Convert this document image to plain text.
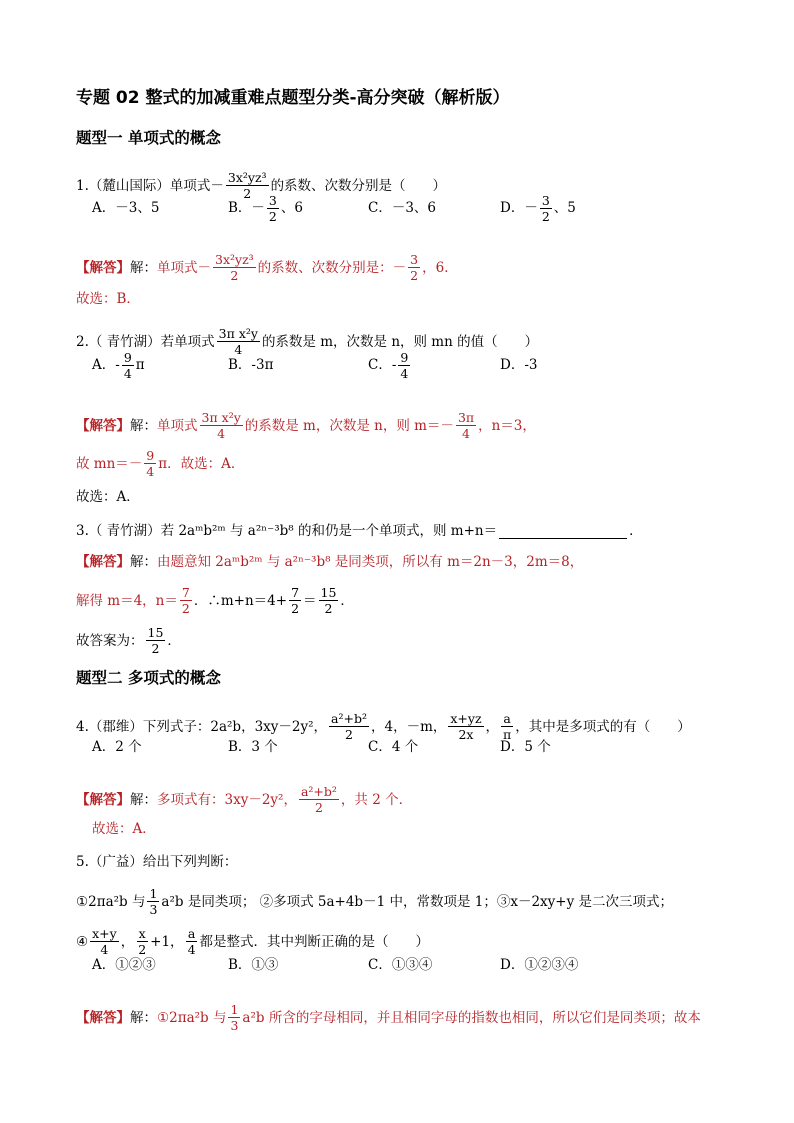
专题 02 整式的加减重难点题型分类-高分突破（解析版）
题型一 单项式的概念
1.（麓山国际）单项式－ $\frac{\text{3x²yz³}}{2}$ 的系数、次数分别是（　　）
A．－3、5	B．－ $\frac{3}{2}$ 、6	C．－3、6	D．－ $\frac{3}{2}$ 、5
【解答】 解： 单项式－ $\frac{\text{3x²yz³}}{2}$ 的系数、次数分别是：－ $\frac{3}{2}$ ，6．
故选：B．
2.（ 青竹湖）若单项式 $\frac{\text{3π x²y}}{4}$ 的系数是 m，次数是 n，则 mn 的值（　　）
A．- $\frac{9}{4}$ π	B．-3π	C．- $\frac{9}{4}$	D．-3
【解答】 解： 单项式 $\frac{\text{3π x²y}}{4}$ 的系数是 m，次数是 n，则 $m=- \frac{3\pi}{4}$ ，n＝3，
故 $mn=- \frac{9}{4}$ π．故选：A．
故选：A．
3.（ 青竹湖）若 2aᵐb²ᵐ 与 a²ⁿ⁻³b⁸ 的和仍是一个单项式，则 m+n＝	．
【解答】 解： 由题意知 2aᵐb²ᵐ 与 a²ⁿ⁻³b⁸ 是同类项，所以有 m＝2n－3，2m＝8，
解得 m＝4，$n= \frac{7}{2}$ ．∴m+n＝4+ $\frac{7}{2} = \frac{15}{2}$ ．
故答案为： $\frac{15}{2}$ ．
题型二 多项式的概念
4.（郡维）下列式子：2a²b，3xy－2y²， $\frac{\text{a²+b²}}{2}$ ，4，－m， $\frac{x+yz}{2x}$ ， $\frac{a}{\pi}$ ，其中是多项式的有（　　）
A．2 个	B．3 个	C．4 个	D．5 个
【解答】 解： 多项式有：3xy－2y²， $\frac{\text{a²+b²}}{2}$ ，共 2 个．
故选：A．
5.（广益）给出下列判断：
①2πa²b 与 $\frac{1}{3} a^2b$ 是同类项； ②多项式 5a+4b－1 中，常数项是 1；③x－2xy+y 是二次三项式；
④ $\frac{x+y}{4}$ ， $\frac{x}{2} +1$， $\frac{a}{4}$ 都是整式．其中判断正确的是（　　）
A．①②③	B．①③	C．①③④	D．①②③④
【解答】 解： ①2πa²b 与 $\frac{1}{3} a^2b$ 所含的字母相同，并且相同字母的指数也相同，所以它们是同类项；故本
